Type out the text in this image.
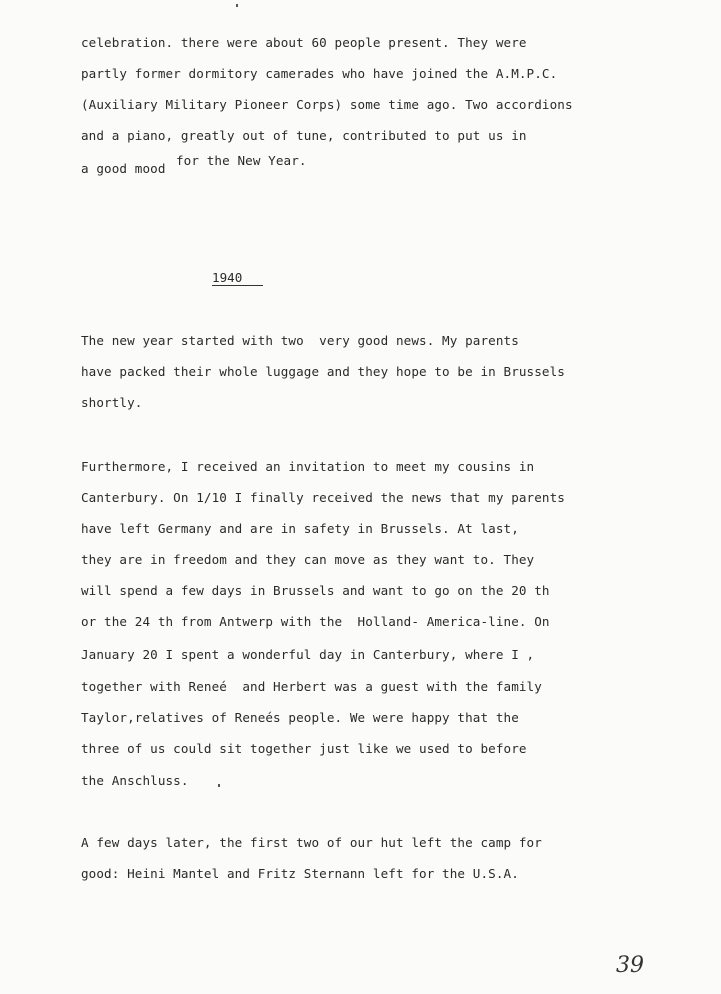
celebration. there were about 60 people present. They were
partly former dormitory camerades who have joined the A.M.P.C.
(Auxiliary Military Pioneer Corps) some time ago. Two accordions
and a piano, greatly out of tune, contributed to put us in
a good mood
for the New Year.
1940
The new year started with two  very good news. My parents
have packed their whole luggage and they hope to be in Brussels
shortly.
Furthermore, I received an invitation to meet my cousins in
Canterbury. On 1/10 I finally received the news that my parents
have left Germany and are in safety in Brussels. At last,
they are in freedom and they can move as they want to. They
will spend a few days in Brussels and want to go on the 20 th
or the 24 th from Antwerp with the  Holland- America-line. On
January 20 I spent a wonderful day in Canterbury, where I ,
together with Reneé  and Herbert was a guest with the family
Taylor,relatives of Reneés people. We were happy that the
three of us could sit together just like we used to before
the Anschluss.
A few days later, the first two of our hut left the camp for
good: Heini Mantel and Fritz Sternann left for the U.S.A.
39
